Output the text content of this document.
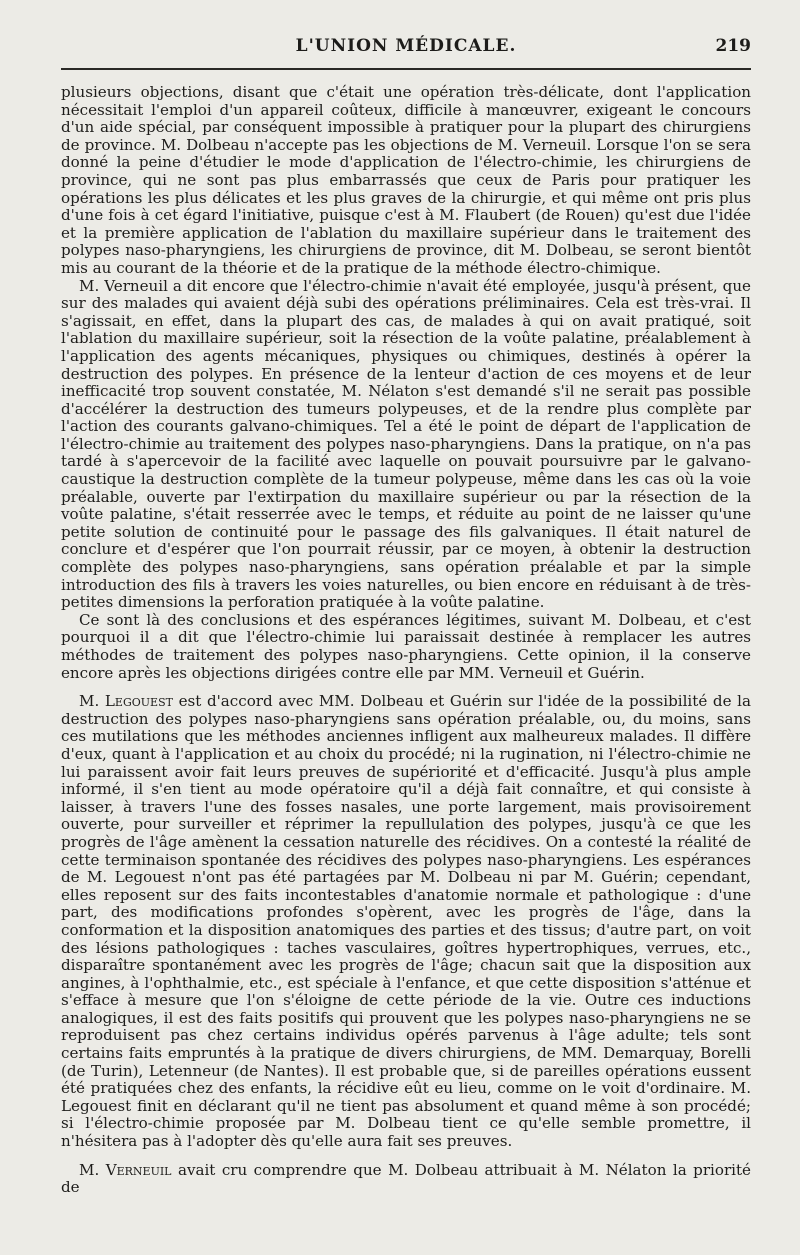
L'UNION MÉDICALE.	219

plusieurs objections, disant que c'était une opération très-délicate, dont l'application nécessitait l'emploi d'un appareil coûteux, difficile à manœuvrer, exigeant le concours d'un aide spécial, par conséquent impossible à pratiquer pour la plupart des chirurgiens de province. M. Dolbeau n'accepte pas les objections de M. Verneuil. Lorsque l'on se sera donné la peine d'étudier le mode d'application de l'électro-chimie, les chirurgiens de province, qui ne sont pas plus embarrassés que ceux de Paris pour pratiquer les opérations les plus délicates et les plus graves de la chirurgie, et qui même ont pris plus d'une fois à cet égard l'initiative, puisque c'est à M. Flaubert (de Rouen) qu'est due l'idée et la première application de l'ablation du maxillaire supérieur dans le traitement des polypes naso-pharyngiens, les chirurgiens de province, dit M. Dolbeau, se seront bientôt mis au courant de la théorie et de la pratique de la méthode électro-chimique.

M. Verneuil a dit encore que l'électro-chimie n'avait été employée, jusqu'à présent, que sur des malades qui avaient déjà subi des opérations préliminaires. Cela est très-vrai. Il s'agissait, en effet, dans la plupart des cas, de malades à qui on avait pratiqué, soit l'ablation du maxillaire supérieur, soit la résection de la voûte palatine, préalablement à l'application des agents mécaniques, physiques ou chimiques, destinés à opérer la destruction des polypes. En présence de la lenteur d'action de ces moyens et de leur inefficacité trop souvent constatée, M. Nélaton s'est demandé s'il ne serait pas possible d'accélérer la destruction des tumeurs polypeuses, et de la rendre plus complète par l'action des courants galvano-chimiques. Tel a été le point de départ de l'application de l'électro-chimie au traitement des polypes naso-pharyngiens. Dans la pratique, on n'a pas tardé à s'apercevoir de la facilité avec laquelle on pouvait poursuivre par le galvano-caustique la destruction complète de la tumeur polypeuse, même dans les cas où la voie préalable, ouverte par l'extirpation du maxillaire supérieur ou par la résection de la voûte palatine, s'était resserrée avec le temps, et réduite au point de ne laisser qu'une petite solution de continuité pour le passage des fils galvaniques. Il était naturel de conclure et d'espérer que l'on pourrait réussir, par ce moyen, à obtenir la destruction complète des polypes naso-pharyngiens, sans opération préalable et par la simple introduction des fils à travers les voies naturelles, ou bien encore en réduisant à de très-petites dimensions la perforation pratiquée à la voûte palatine.

Ce sont là des conclusions et des espérances légitimes, suivant M. Dolbeau, et c'est pourquoi il a dit que l'électro-chimie lui paraissait destinée à remplacer les autres méthodes de traitement des polypes naso-pharyngiens. Cette opinion, il la conserve encore après les objections dirigées contre elle par MM. Verneuil et Guérin.

M. Legouest est d'accord avec MM. Dolbeau et Guérin sur l'idée de la possibilité de la destruction des polypes naso-pharyngiens sans opération préalable, ou, du moins, sans ces mutilations que les méthodes anciennes infligent aux malheureux malades. Il diffère d'eux, quant à l'application et au choix du procédé; ni la rugination, ni l'électro-chimie ne lui paraissent avoir fait leurs preuves de supériorité et d'efficacité. Jusqu'à plus ample informé, il s'en tient au mode opératoire qu'il a déjà fait connaître, et qui consiste à laisser, à travers l'une des fosses nasales, une porte largement, mais provisoirement ouverte, pour surveiller et réprimer la repullulation des polypes, jusqu'à ce que les progrès de l'âge amènent la cessation naturelle des récidives. On a contesté la réalité de cette terminaison spontanée des récidives des polypes naso-pharyngiens. Les espérances de M. Legouest n'ont pas été partagées par M. Dolbeau ni par M. Guérin; cependant, elles reposent sur des faits incontestables d'anatomie normale et pathologique : d'une part, des modifications profondes s'opèrent, avec les progrès de l'âge, dans la conformation et la disposition anatomiques des parties et des tissus; d'autre part, on voit des lésions pathologiques : taches vasculaires, goîtres hypertrophiques, verrues, etc., disparaître spontanément avec les progrès de l'âge; chacun sait que la disposition aux angines, à l'ophthalmie, etc., est spéciale à l'enfance, et que cette disposition s'atténue et s'efface à mesure que l'on s'éloigne de cette période de la vie. Outre ces inductions analogiques, il est des faits positifs qui prouvent que les polypes naso-pharyngiens ne se reproduisent pas chez certains individus opérés parvenus à l'âge adulte; tels sont certains faits empruntés à la pratique de divers chirurgiens, de MM. Demarquay, Borelli (de Turin), Letenneur (de Nantes). Il est probable que, si de pareilles opérations eussent été pratiquées chez des enfants, la récidive eût eu lieu, comme on le voit d'ordinaire. M. Legouest finit en déclarant qu'il ne tient pas absolument et quand même à son procédé; si l'électro-chimie proposée par M. Dolbeau tient ce qu'elle semble promettre, il n'hésitera pas à l'adopter dès qu'elle aura fait ses preuves.

M. Verneuil avait cru comprendre que M. Dolbeau attribuait à M. Nélaton la priorité de
